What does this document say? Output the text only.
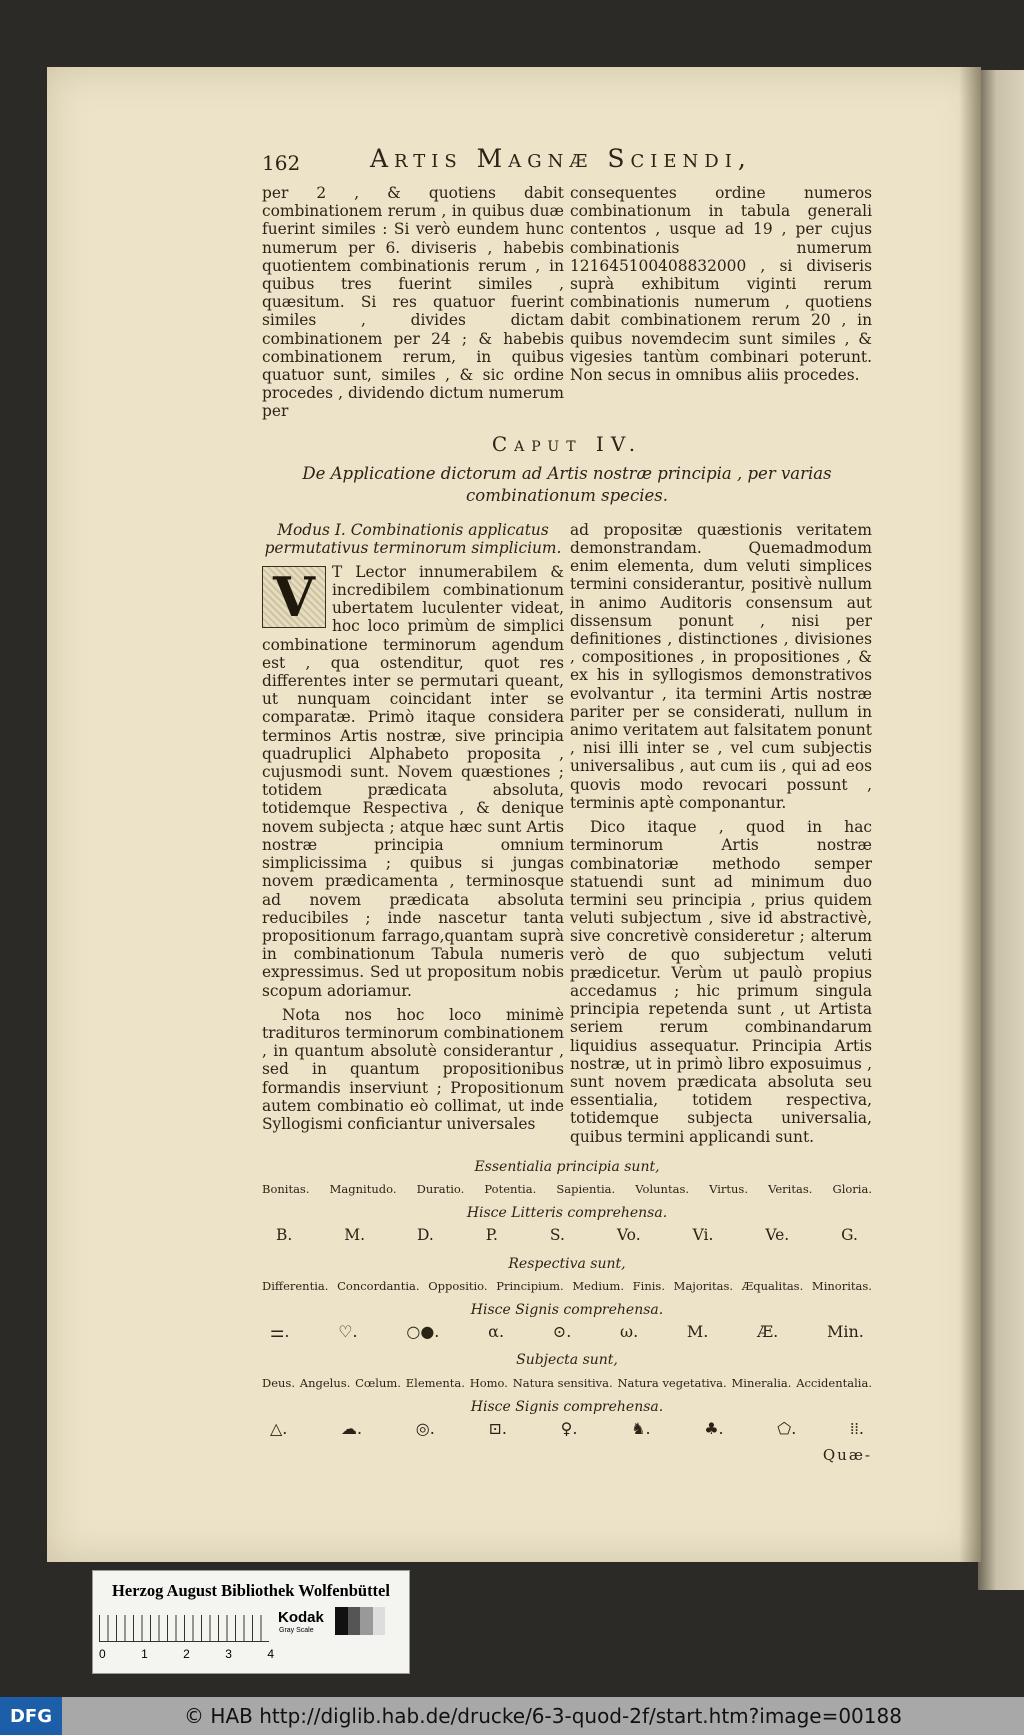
162	Artis Magnæ Sciendi,

per 2 , & quotiens dabit combinationem rerum , in quibus duæ fuerint similes : Si verò eundem hunc numerum per 6. diviseris , habebis quotientem combinationis rerum , in quibus tres fuerint similes , quæsitum. Si res quatuor fuerint similes , divides dictam combinationem per 24 ; & habebis combinationem rerum, in quibus quatuor sunt, similes , & sic ordine procedes , dividendo dictum numerum per

consequentes ordine numeros combinationum in tabula generali contentos , usque ad 19 , per cujus combinationis numerum 121645100408832000 , si diviseris suprà exhibitum viginti rerum combinationis numerum , quotiens dabit combinationem rerum 20 , in quibus novemdecim sunt similes , & vigesies tantùm combinari poterunt. Non secus in omnibus aliis procedes.

Caput IV.
De Applicatione dictorum ad Artis nostræ principia , per varias combinationum species.
Modus I. Combinationis applicatus permutativus terminorum simplicium.

V	T Lector innumerabilem & incredibilem combinationum ubertatem luculenter videat, hoc loco primùm de simplici combinatione terminorum agendum est , qua ostenditur, quot res differentes inter se permutari queant, ut nunquam coincidant inter se comparatæ. Primò itaque considera terminos Artis nostræ, sive principia quadruplici Alphabeto proposita , cujusmodi sunt. Novem quæstiones ; totidem prædicata absoluta, totidemque Respectiva , & denique novem subjecta ; atque hæc sunt Artis nostræ principia omnium simplicissima ; quibus si jungas novem prædicamenta , terminosque ad novem prædicata absoluta reducibiles ; inde nascetur tanta propositionum farrago,quantam suprà in combinationum Tabula numeris expressimus. Sed ut propositum nobis scopum adoriamur.

Nota nos hoc loco minimè tradituros terminorum combinationem , in quantum absolutè considerantur , sed in quantum propositionibus formandis inserviunt ; Propositionum autem combinatio eò collimat, ut inde Syllogismi conficiantur universales

ad propositæ quæstionis veritatem demonstrandam. Quemadmodum enim elementa, dum veluti simplices termini considerantur, positivè nullum in animo Auditoris consensum aut dissensum ponunt , nisi per definitiones , distinctiones , divisiones , compositiones , in propositiones , & ex his in syllogismos demonstrativos evolvantur , ita termini Artis nostræ pariter per se considerati, nullum in animo veritatem aut falsitatem ponunt , nisi illi inter se , vel cum subjectis universalibus , aut cum iis , qui ad eos quovis modo revocari possunt , terminis aptè componantur.

Dico itaque , quod in hac terminorum Artis nostræ combinatoriæ methodo semper statuendi sunt ad minimum duo termini seu principia , prius quidem veluti subjectum , sive id abstractivè, sive concretivè consideretur ; alterum verò de quo subjectum veluti prædicetur. Verùm ut paulò propius accedamus ; hic primum singula principia repetenda sunt , ut Artista seriem rerum combinandarum liquidius assequatur. Principia Artis nostræ, ut in primò libro exposuimus , sunt novem prædicata absoluta seu essentialia, totidem respectiva, totidemque subjecta universalia, quibus termini applicandi sunt.

Essentialia principia sunt,
Bonitas. Magnitudo. Duratio. Potentia. Sapientia. Voluntas. Virtus. Veritas. Gloria.
Hisce Litteris comprehensa.
B.	M.	D.	P.	S.	Vo.	Vi.	Ve.	G.
Respectiva sunt,
Differentia. Concordantia. Oppositio. Principium. Medium. Finis. Majoritas. Æqualitas. Minoritas.
Hisce Signis comprehensa.
⚌.	♡.	○●.	α.	⊙.	ω.	M.	Æ.	Min.
Subjecta sunt,
Deus. Angelus. Cœlum. Elementa. Homo. Natura sensitiva. Natura vegetativa. Mineralia. Accidentalia.
Hisce Signis comprehensa.
△.	☁.	◎.	⊡.	♀.	♞.	♣.	⬠.	⁞⁞.
Quæ-
Herzog August Bibliothek Wolfenbüttel
0	1	2	3	4
Kodak
Gray Scale
DFG	© HAB http://diglib.hab.de/drucke/6-3-quod-2f/start.htm?image=00188
